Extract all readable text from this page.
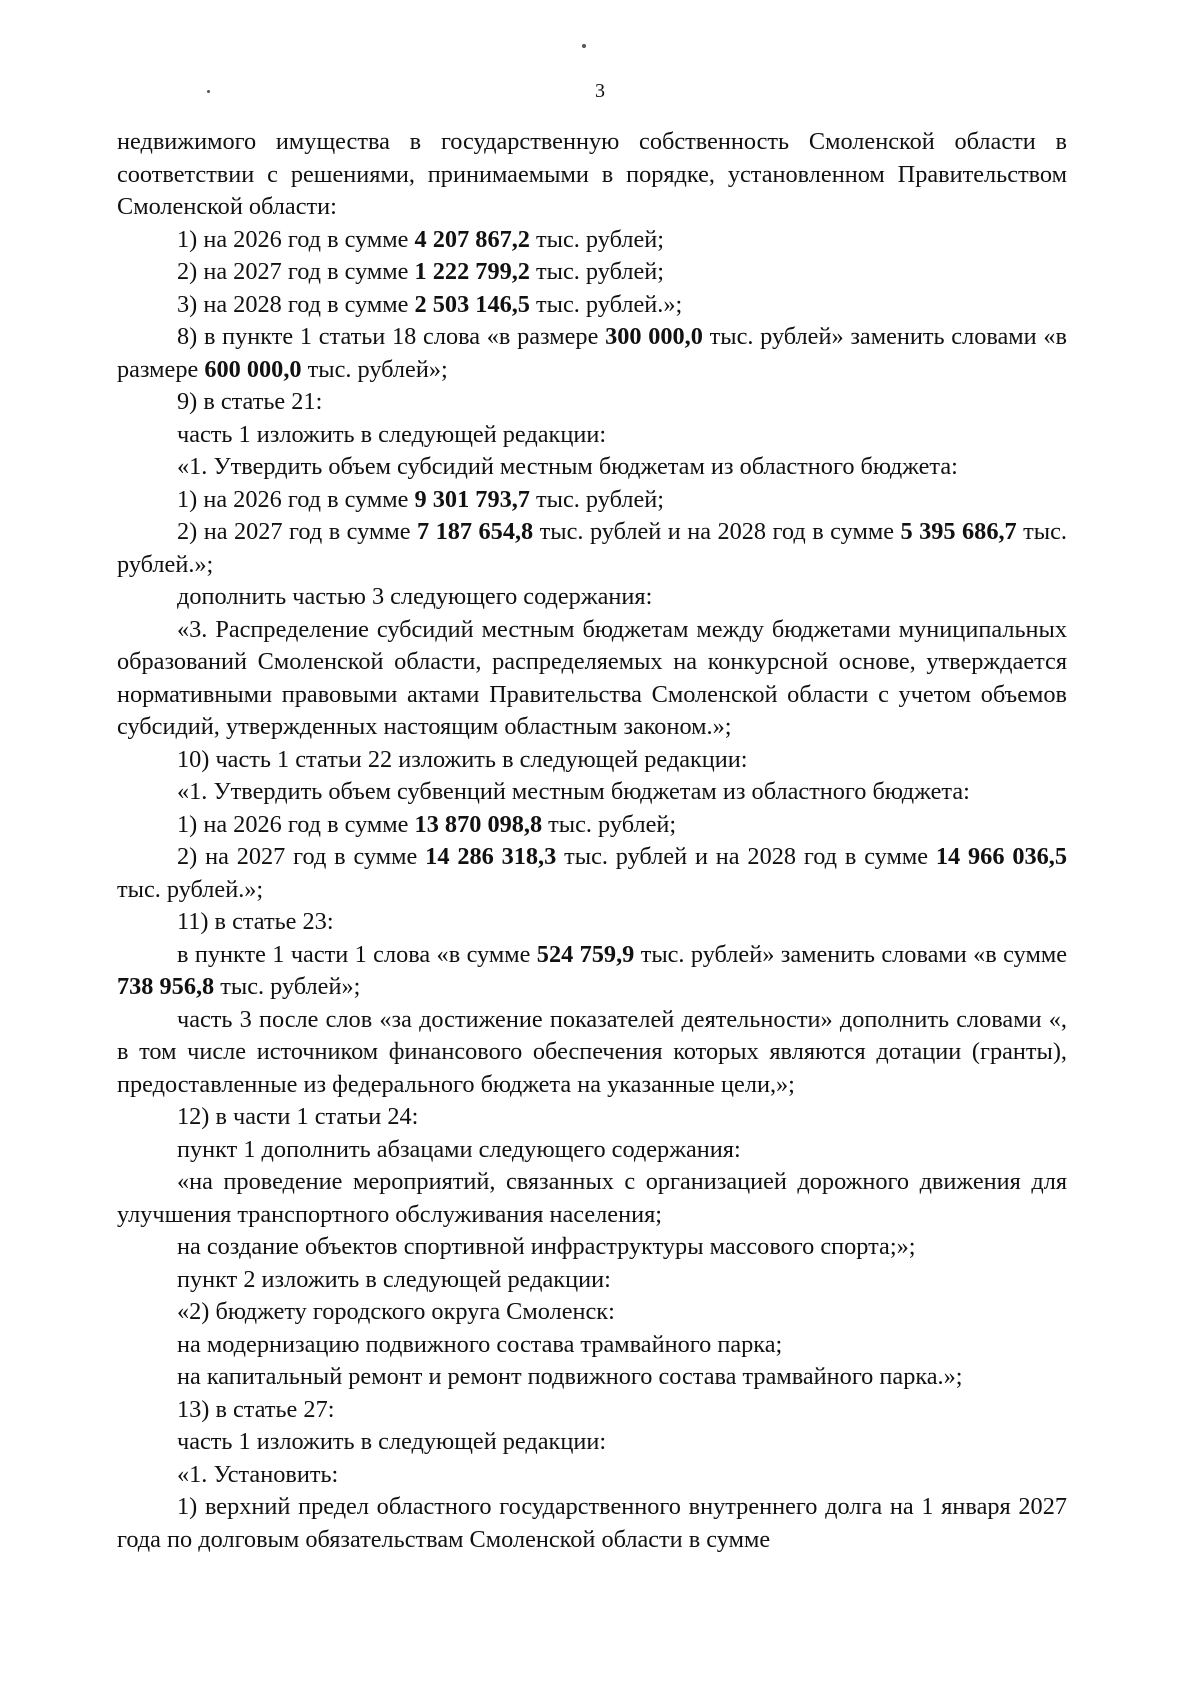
3

недвижимого имущества в государственную собственность Смоленской области в соответствии с решениями, принимаемыми в порядке, установленном Правительством Смоленской области:

1) на 2026 год в сумме 4 207 867,2 тыс. рублей;

2) на 2027 год в сумме 1 222 799,2 тыс. рублей;

3) на 2028 год в сумме 2 503 146,5 тыс. рублей.»;

8) в пункте 1 статьи 18 слова «в размере 300 000,0 тыс. рублей» заменить словами «в размере 600 000,0 тыс. рублей»;

9) в статье 21:

часть 1 изложить в следующей редакции:

«1. Утвердить объем субсидий местным бюджетам из областного бюджета:

1) на 2026 год в сумме 9 301 793,7 тыс. рублей;

2) на 2027 год в сумме 7 187 654,8 тыс. рублей и на 2028 год в сумме 5 395 686,7 тыс. рублей.»;

дополнить частью 3 следующего содержания:

«3. Распределение субсидий местным бюджетам между бюджетами муниципальных образований Смоленской области, распределяемых на конкурсной основе, утверждается нормативными правовыми актами Правительства Смоленской области с учетом объемов субсидий, утвержденных настоящим областным законом.»;

10) часть 1 статьи 22 изложить в следующей редакции:

«1. Утвердить объем субвенций местным бюджетам из областного бюджета:

1) на 2026 год в сумме 13 870 098,8 тыс. рублей;

2) на 2027 год в сумме 14 286 318,3 тыс. рублей и на 2028 год в сумме 14 966 036,5 тыс. рублей.»;

11) в статье 23:

в пункте 1 части 1 слова «в сумме 524 759,9 тыс. рублей» заменить словами «в сумме 738 956,8 тыс. рублей»;

часть 3 после слов «за достижение показателей деятельности» дополнить словами «, в том числе источником финансового обеспечения которых являются дотации (гранты), предоставленные из федерального бюджета на указанные цели,»;

12) в части 1 статьи 24:

пункт 1 дополнить абзацами следующего содержания:

«на проведение мероприятий, связанных с организацией дорожного движения для улучшения транспортного обслуживания населения;

на создание объектов спортивной инфраструктуры массового спорта;»;

пункт 2 изложить в следующей редакции:

«2) бюджету городского округа Смоленск:

на модернизацию подвижного состава трамвайного парка;

на капитальный ремонт и ремонт подвижного состава трамвайного парка.»;

13) в статье 27:

часть 1 изложить в следующей редакции:

«1. Установить:

1) верхний предел областного государственного внутреннего долга на 1 января 2027 года по долговым обязательствам Смоленской области в сумме
